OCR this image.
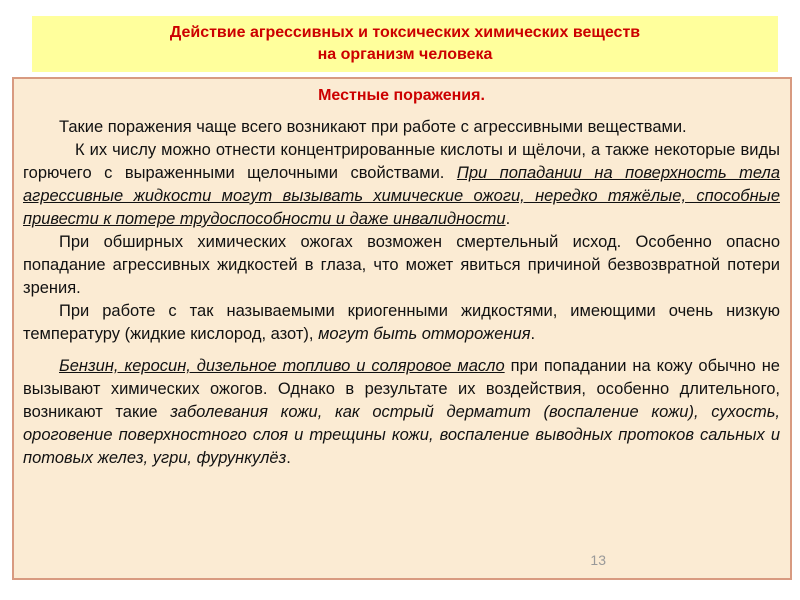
Действие агрессивных и токсических химических веществ
на организм человека
Местные поражения.

Такие поражения чаще всего возникают при работе с агрессивными веществами.

К их числу можно отнести концентрированные кислоты и щёлочи, а также некоторые виды горючего с выраженными щелочными свойствами. При попадании на поверхность тела агрессивные жидкости могут вызывать химические ожоги, нередко тяжёлые, способные привести к потере трудоспособности и даже инвалидности.

При обширных химических ожогах возможен смертельный исход. Особенно опасно попадание агрессивных жидкостей в глаза, что может явиться причиной безвозвратной потери зрения.

При работе с так называемыми криогенными жидкостями, имеющими очень низкую температуру (жидкие кислород, азот), могут быть отморожения.

Бензин, керосин, дизельное топливо и соляровое масло при попадании на кожу обычно не вызывают химических ожогов. Однако в результате их воздействия, особенно длительного, возникают такие заболевания кожи, как острый дерматит (воспаление кожи), сухость, ороговение поверхностного слоя и трещины кожи, воспаление выводных протоков сальных и потовых желез, угри, фурункулёз.

13
